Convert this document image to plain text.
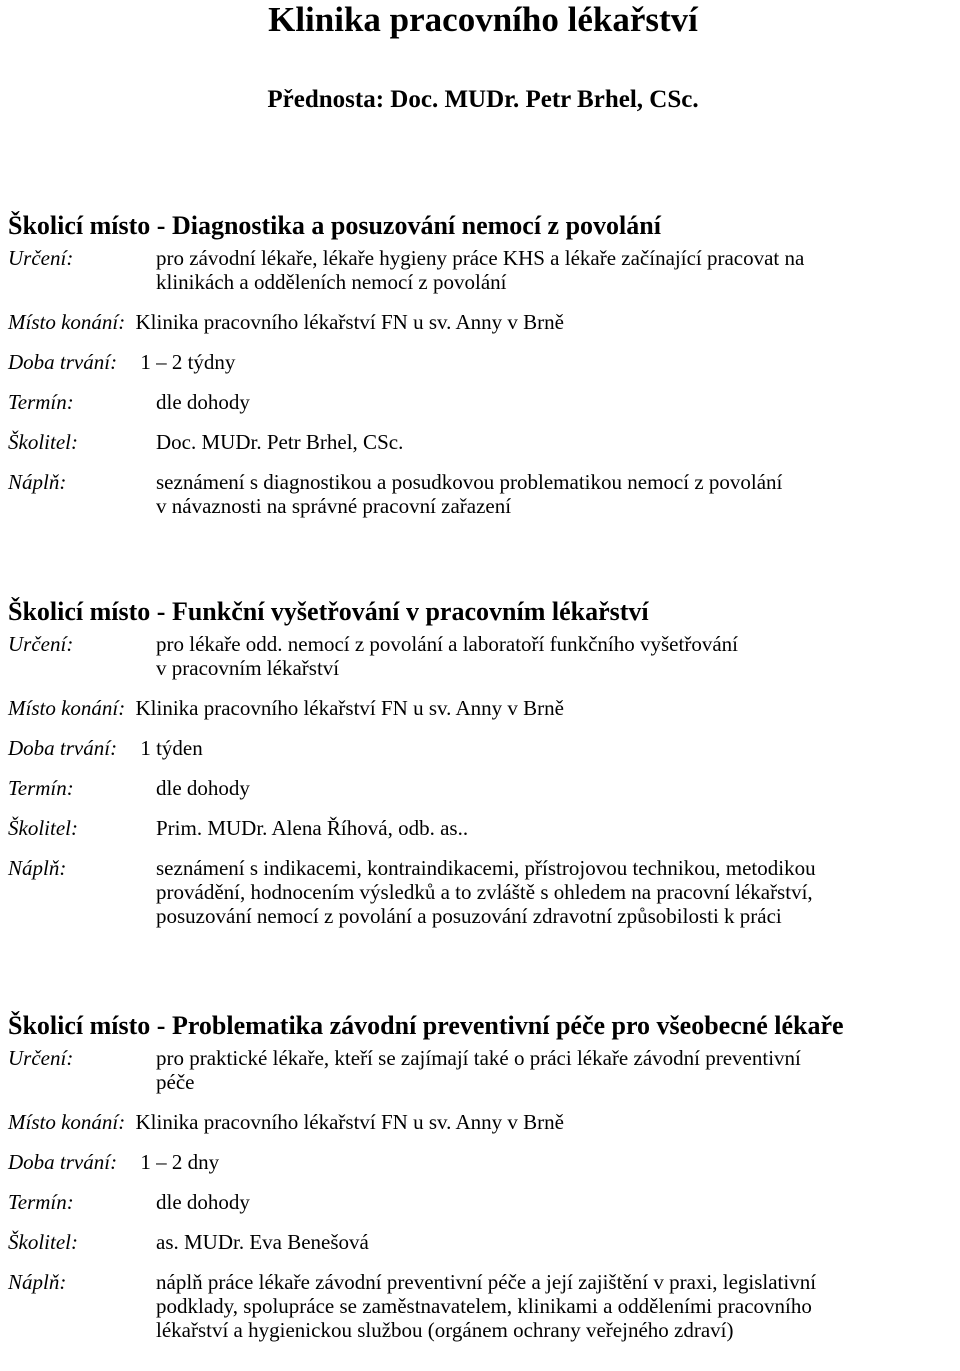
Klinika pracovního lékařství
Přednosta: Doc. MUDr. Petr Brhel, CSc.
Školicí místo - Diagnostika a posuzování nemocí z povolání
Určení:	pro závodní lékaře, lékaře hygieny práce KHS a lékaře začínající pracovat na
klinikách a odděleních nemocí z povolání
Místo konání: Klinika pracovního lékařství FN u sv. Anny v Brně
Doba trvání: 1 – 2 týdny
Termín:	dle dohody
Školitel:	Doc. MUDr. Petr Brhel, CSc.
Náplň:	seznámení s diagnostikou a posudkovou problematikou nemocí z povolání
v návaznosti na správné pracovní zařazení
Školicí místo - Funkční vyšetřování v pracovním lékařství
Určení:	pro lékaře odd. nemocí z povolání a laboratoří funkčního vyšetřování
v pracovním lékařství
Místo konání: Klinika pracovního lékařství FN u sv. Anny v Brně
Doba trvání: 1 týden
Termín:	dle dohody
Školitel:	Prim. MUDr. Alena Říhová, odb. as..
Náplň:	seznámení s indikacemi, kontraindikacemi, přístrojovou technikou, metodikou
provádění, hodnocením výsledků a to zvláště s ohledem na pracovní lékařství,
posuzování nemocí z povolání a posuzování zdravotní způsobilosti k práci
Školicí místo - Problematika závodní preventivní péče pro všeobecné lékaře
Určení:	pro praktické lékaře, kteří se zajímají také o práci lékaře závodní preventivní
péče
Místo konání: Klinika pracovního lékařství FN u sv. Anny v Brně
Doba trvání: 1 – 2 dny
Termín:	dle dohody
Školitel:	as. MUDr. Eva Benešová
Náplň:	náplň práce lékaře závodní preventivní péče a její zajištění v praxi, legislativní
podklady, spolupráce se zaměstnavatelem, klinikami a odděleními pracovního
lékařství a hygienickou službou (orgánem ochrany veřejného zdraví)
